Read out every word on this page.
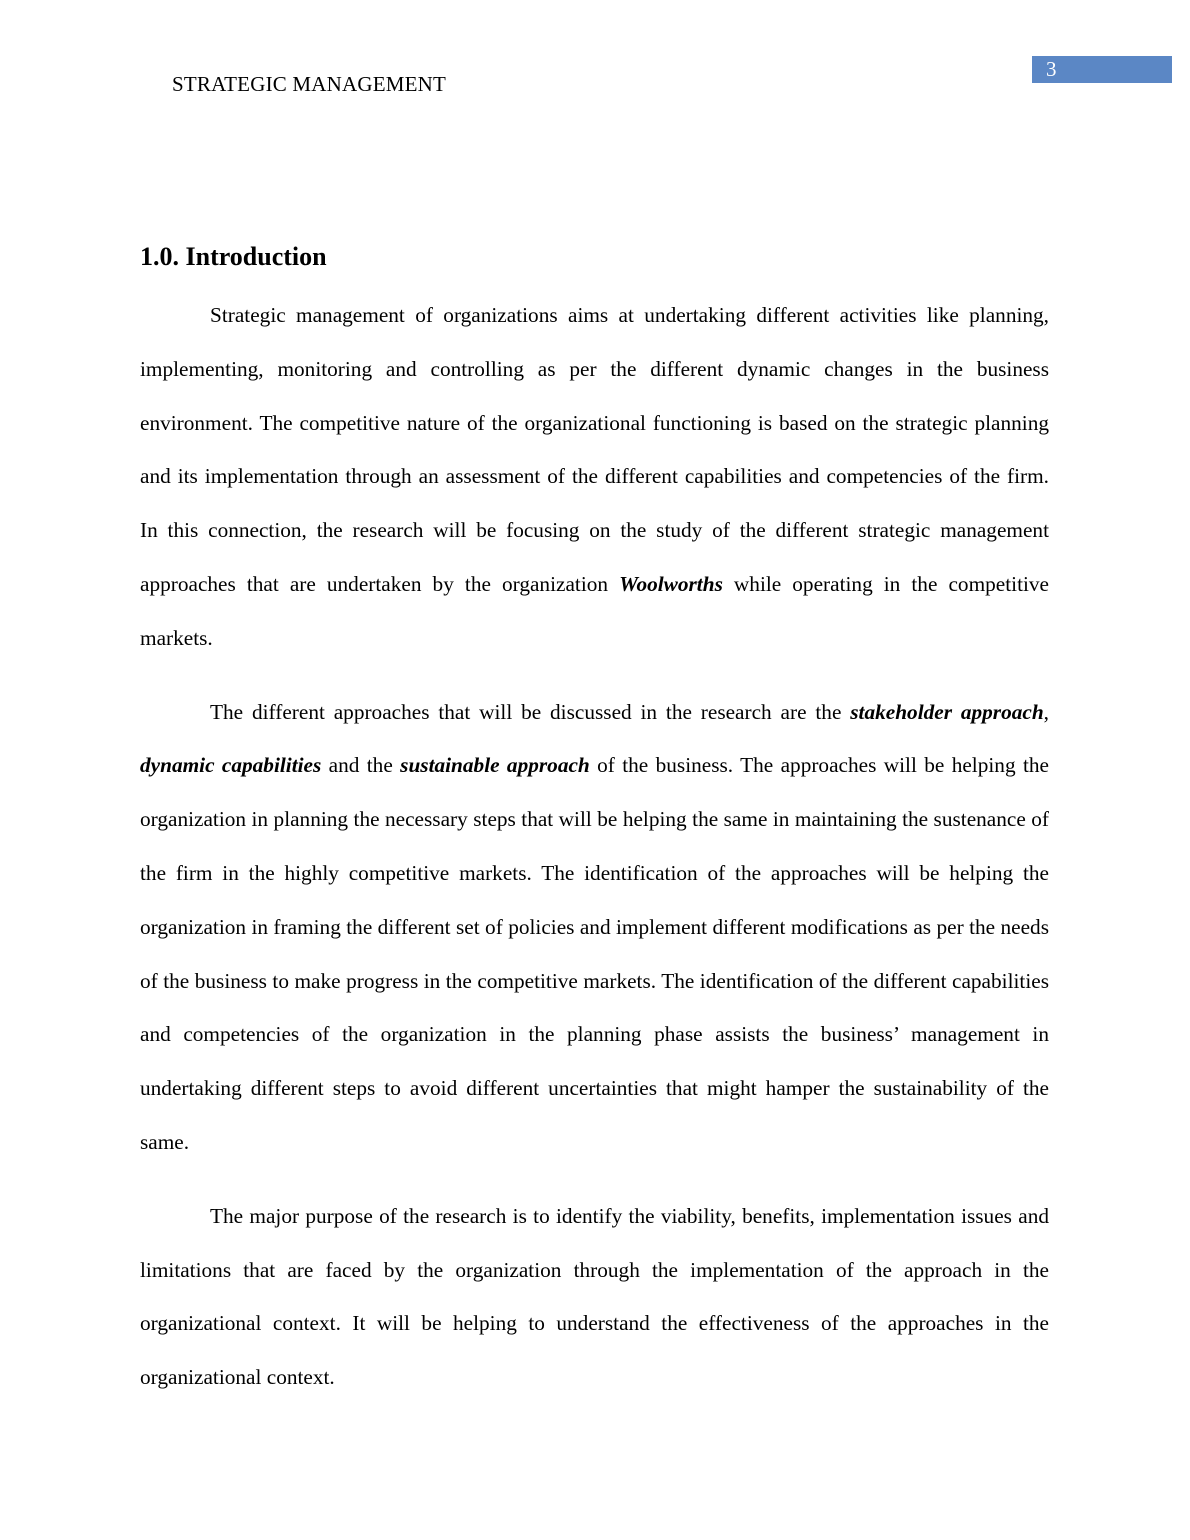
3
STRATEGIC MANAGEMENT
1.0. Introduction

Strategic management of organizations aims at undertaking different activities like planning, implementing, monitoring and controlling as per the different dynamic changes in the business environment. The competitive nature of the organizational functioning is based on the strategic planning and its implementation through an assessment of the different capabilities and competencies of the firm. In this connection, the research will be focusing on the study of the different strategic management approaches that are undertaken by the organization Woolworths while operating in the competitive markets.

The different approaches that will be discussed in the research are the stakeholder approach, dynamic capabilities and the sustainable approach of the business. The approaches will be helping the organization in planning the necessary steps that will be helping the same in maintaining the sustenance of the firm in the highly competitive markets. The identification of the approaches will be helping the organization in framing the different set of policies and implement different modifications as per the needs of the business to make progress in the competitive markets. The identification of the different capabilities and competencies of the organization in the planning phase assists the business’ management in undertaking different steps to avoid different uncertainties that might hamper the sustainability of the same.

The major purpose of the research is to identify the viability, benefits, implementation issues and limitations that are faced by the organization through the implementation of the approach in the organizational context. It will be helping to understand the effectiveness of the approaches in the organizational context.
